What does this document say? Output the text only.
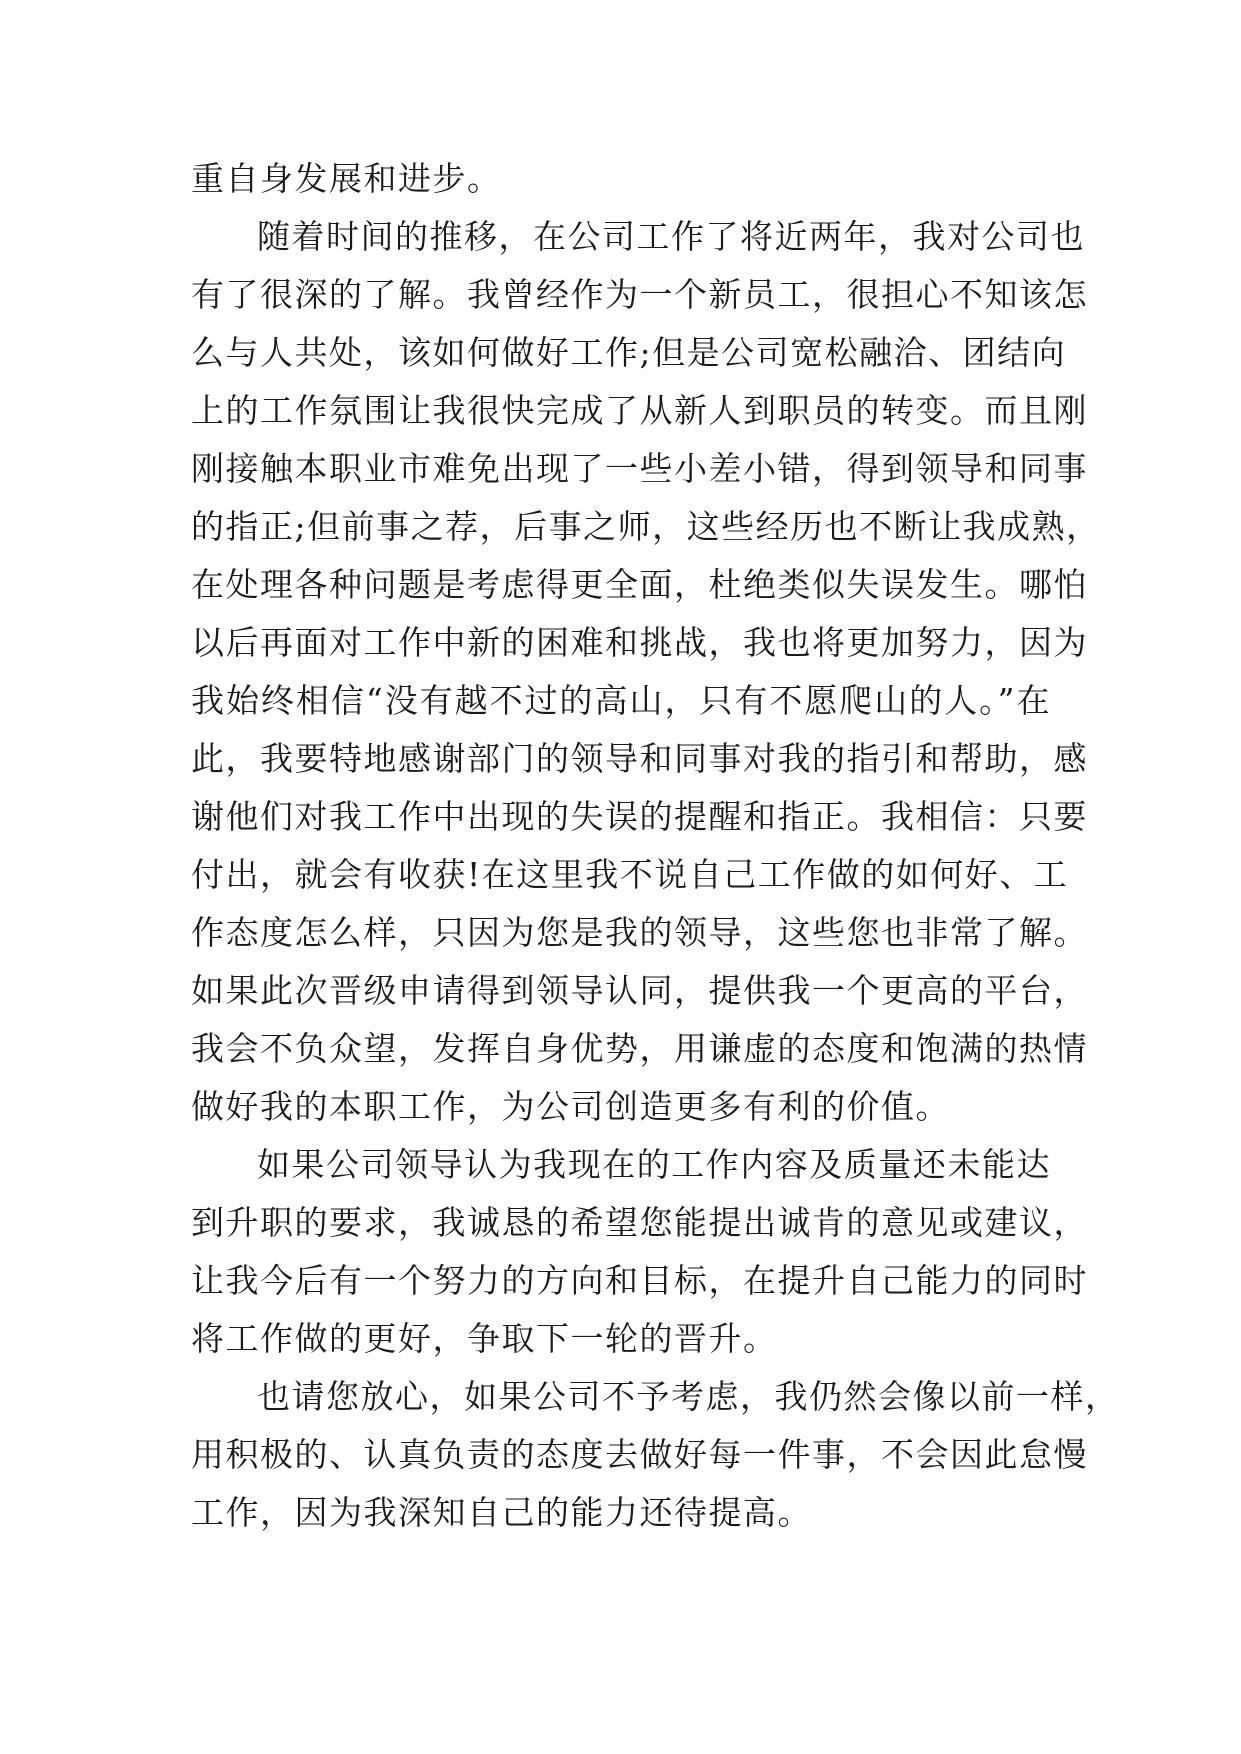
重自身发展和进步。
随着时间的推移，在公司工作了将近两年，我对公司也
有了很深的了解。我曾经作为一个新员工，很担心不知该怎
么与人共处，该如何做好工作;但是公司宽松融洽、团结向
上的工作氛围让我很快完成了从新人到职员的转变。而且刚
刚接触本职业市难免出现了一些小差小错，得到领导和同事
的指正;但前事之荐，后事之师，这些经历也不断让我成熟，
在处理各种问题是考虑得更全面，杜绝类似失误发生。哪怕
以后再面对工作中新的困难和挑战，我也将更加努力，因为
我始终相信“没有越不过的高山，只有不愿爬山的人。”在
此，我要特地感谢部门的领导和同事对我的指引和帮助，感
谢他们对我工作中出现的失误的提醒和指正。我相信：只要
付出，就会有收获!在这里我不说自己工作做的如何好、工
作态度怎么样，只因为您是我的领导，这些您也非常了解。
如果此次晋级申请得到领导认同，提供我一个更高的平台，
我会不负众望，发挥自身优势，用谦虚的态度和饱满的热情
做好我的本职工作，为公司创造更多有利的价值。
如果公司领导认为我现在的工作内容及质量还未能达
到升职的要求，我诚恳的希望您能提出诚肯的意见或建议，
让我今后有一个努力的方向和目标，在提升自己能力的同时
将工作做的更好，争取下一轮的晋升。
也请您放心，如果公司不予考虑，我仍然会像以前一样，
用积极的、认真负责的态度去做好每一件事，不会因此怠慢
工作，因为我深知自己的能力还待提高。
